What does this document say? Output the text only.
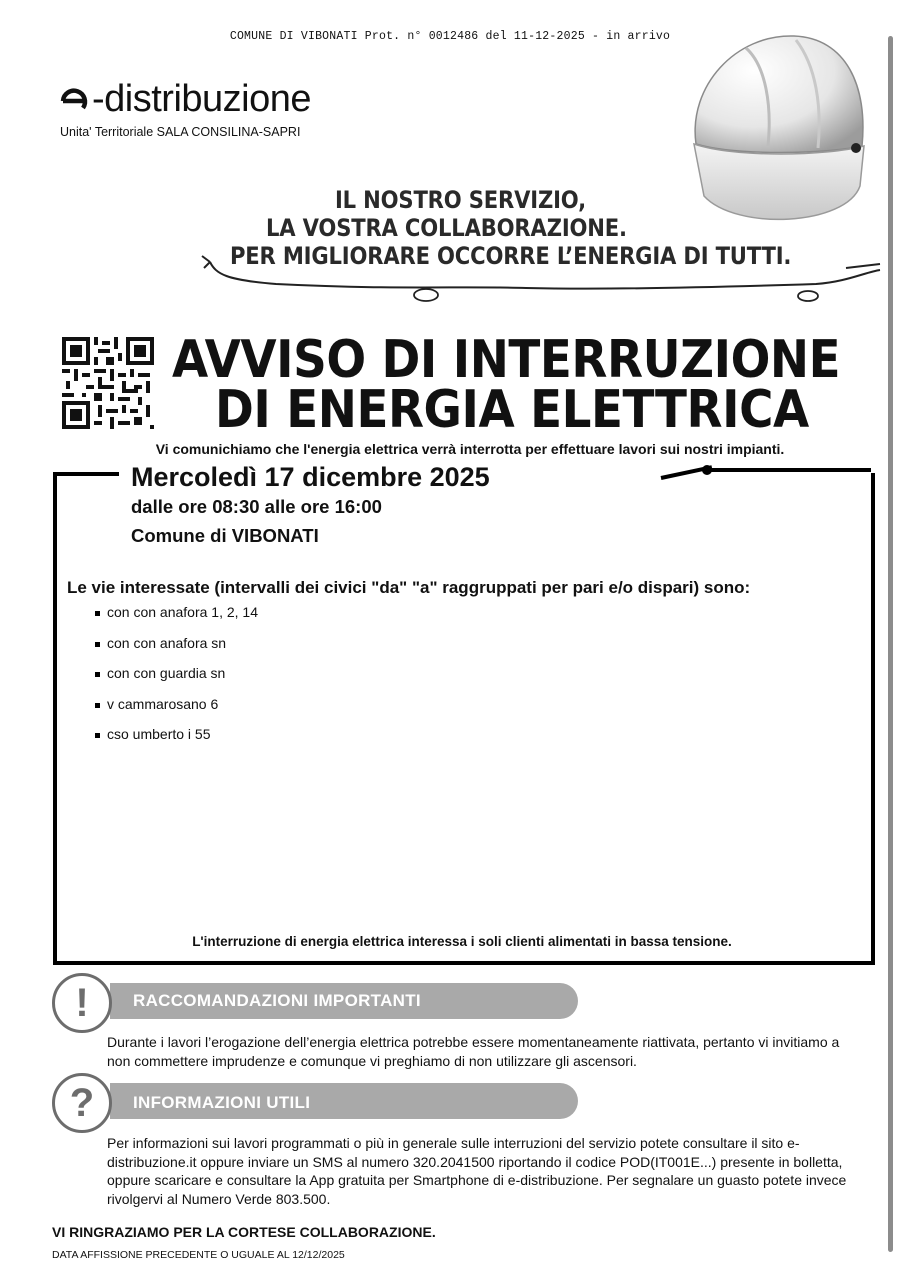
COMUNE DI VIBONATI Prot. n° 0012486 del 11-12-2025 - in arrivo
-distribuzione
Unita' Territoriale SALA CONSILINA-SAPRI
IL NOSTRO SERVIZIO,
LA VOSTRA COLLABORAZIONE.
PER MIGLIORARE OCCORRE L’ENERGIA DI TUTTI.
AVVISO DI INTERRUZIONE
DI ENERGIA ELETTRICA
Vi comunichiamo che l'energia elettrica verrà interrotta per effettuare lavori sui nostri impianti.
Mercoledì 17 dicembre 2025
dalle ore 08:30 alle ore 16:00
Comune di VIBONATI
Le vie interessate (intervalli dei civici "da" "a" raggruppati per pari e/o dispari) sono:
con con anafora 1, 2, 14
con con anafora sn
con con guardia sn
v cammarosano 6
cso umberto i 55
L'interruzione di energia elettrica interessa i soli clienti alimentati in bassa tensione.
!	RACCOMANDAZIONI IMPORTANTI
Durante i lavori l’erogazione dell’energia elettrica potrebbe essere momentaneamente riattivata, pertanto vi invitiamo a non commettere imprudenze e comunque vi preghiamo di non utilizzare gli ascensori.
?	INFORMAZIONI UTILI
Per informazioni sui lavori programmati o più in generale sulle interruzioni del servizio potete consultare il sito e-distribuzione.it oppure inviare un SMS al numero 320.2041500 riportando il codice POD(IT001E...) presente in bolletta, oppure scaricare e consultare la App gratuita per Smartphone di e-distribuzione. Per segnalare un guasto potete invece rivolgervi al Numero Verde 803.500.
VI RINGRAZIAMO PER LA CORTESE COLLABORAZIONE.
DATA AFFISSIONE PRECEDENTE O UGUALE AL 12/12/2025
